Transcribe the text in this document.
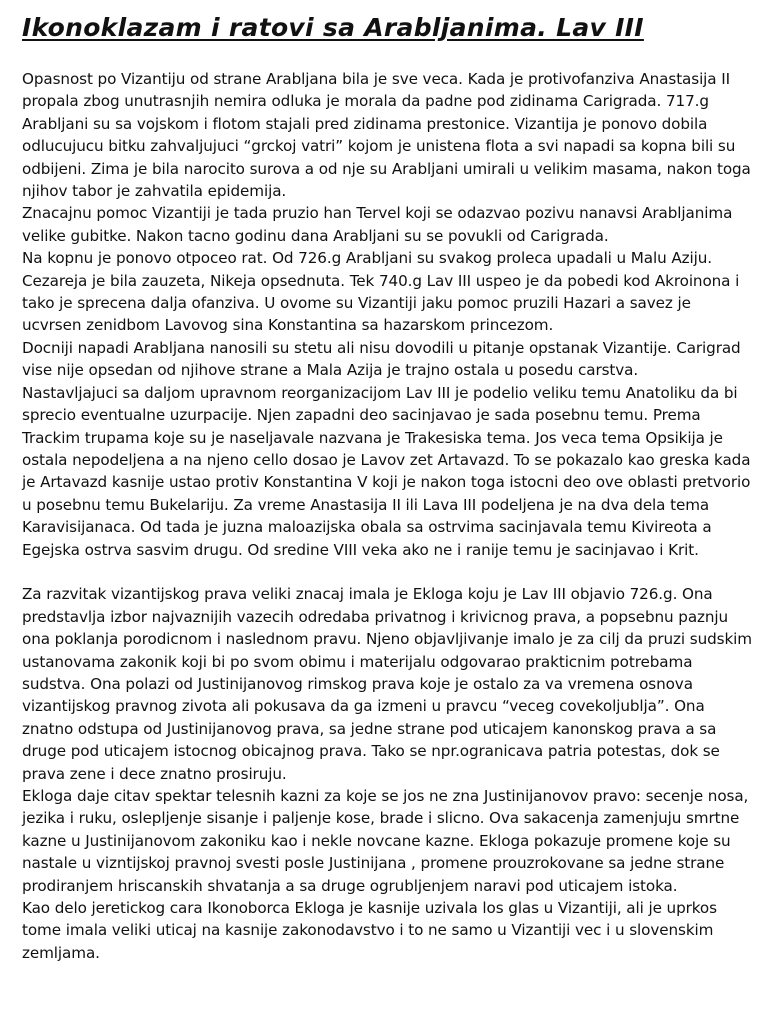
Ikonoklazam i ratovi sa Arabljanima. Lav III

Opasnost po Vizantiju od strane Arabljana bila je sve veca. Kada je protivofanziva Anastasija II propala zbog unutrasnjih nemira odluka je morala da padne pod zidinama Carigrada. 717.g Arabljani su sa vojskom i flotom stajali pred zidinama prestonice. Vizantija je ponovo dobila odlucujucu bitku zahvaljujuci “grckoj vatri” kojom je unistena flota a svi napadi sa kopna bili su odbijeni. Zima je bila narocito surova a od nje su Arabljani umirali u velikim masama, nakon toga njihov tabor je zahvatila epidemija.

Znacajnu pomoc Vizantiji je tada pruzio han Tervel koji se odazvao pozivu nanavsi Arabljanima velike gubitke. Nakon tacno godinu dana Arabljani su se povukli od Carigrada.

Na kopnu je ponovo otpoceo rat. Od 726.g Arabljani su svakog proleca upadali u Malu Aziju. Cezareja je bila zauzeta, Nikeja opsednuta. Tek 740.g Lav III uspeo je da pobedi kod Akroinona i tako je sprecena dalja ofanziva. U ovome su Vizantiji jaku pomoc pruzili Hazari a savez je ucvrsen zenidbom Lavovog sina Konstantina sa hazarskom princezom.

Docniji napadi Arabljana nanosili su stetu ali nisu dovodili u pitanje opstanak Vizantije. Carigrad vise nije opsedan od njihove strane a Mala Azija je trajno ostala u posedu carstva.

Nastavljajuci sa daljom upravnom reorganizacijom Lav III je podelio veliku temu Anatoliku da bi sprecio eventualne uzurpacije. Njen zapadni deo sacinjavao je sada posebnu temu. Prema Trackim trupama koje su je naseljavale nazvana je Trakesiska tema. Jos veca tema Opsikija je ostala nepodeljena a na njeno cello dosao je Lavov zet Artavazd. To se pokazalo kao greska kada je Artavazd kasnije ustao protiv Konstantina V koji je nakon toga istocni deo ove oblasti pretvorio u posebnu temu Bukelariju. Za vreme Anastasija II ili Lava III podeljena je na dva dela tema Karavisijanaca. Od tada je juzna maloazijska obala sa ostrvima sacinjavala temu Kivireota a Egejska ostrva sasvim drugu. Od sredine VIII veka ako ne i ranije temu je sacinjavao i Krit.

Za razvitak vizantijskog prava veliki znacaj imala je Ekloga koju je Lav III objavio 726.g. Ona predstavlja izbor najvaznijih vazecih odredaba privatnog i krivicnog prava, a popsebnu paznju ona poklanja porodicnom i naslednom pravu. Njeno objavljivanje imalo je za cilj da pruzi sudskim ustanovama zakonik koji bi po svom obimu i materijalu odgovarao prakticnim potrebama sudstva. Ona polazi od Justinijanovog rimskog prava koje je ostalo za va vremena osnova vizantijskog pravnog zivota ali pokusava da ga izmeni u pravcu “veceg covekoljublja”. Ona znatno odstupa od Justinijanovog prava, sa jedne strane pod uticajem kanonskog prava a sa druge pod uticajem istocnog obicajnog prava. Tako se npr.ogranicava patria potestas, dok se prava zene i dece znatno prosiruju.

Ekloga daje citav spektar telesnih kazni za koje se jos ne zna Justinijanovov pravo: secenje nosa, jezika i ruku, oslepljenje sisanje i paljenje kose, brade i slicno. Ova sakacenja zamenjuju smrtne kazne u Justinijanovom zakoniku kao i nekle novcane kazne. Ekloga pokazuje promene koje su nastale u vizntijskoj pravnoj svesti posle Justinijana , promene prouzrokovane sa jedne strane prodiranjem hriscanskih shvatanja a sa druge ogrubljenjem naravi pod uticajem istoka.

Kao delo jeretickog cara Ikonoborca Ekloga je kasnije uzivala los glas u Vizantiji, ali je uprkos tome imala veliki uticaj na kasnije zakonodavstvo i to ne samo u Vizantiji vec i u slovenskim zemljama.
